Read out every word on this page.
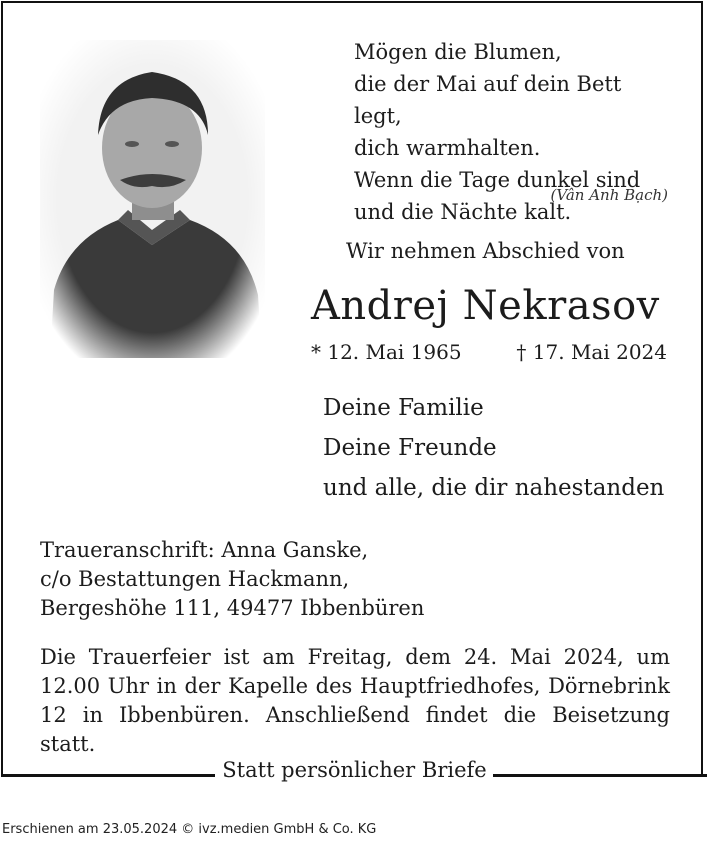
Statt persönlicher Briefe
Mögen die Blumen,
die der Mai auf dein Bett legt,
dich warmhalten.
Wenn die Tage dunkel sind
und die Nächte kalt.
(Vân Anh Bạch)
Wir nehmen Abschied von
Andrej Nekrasov
* 12. Mai 1965	† 17. Mai 2024
Deine Familie
Deine Freunde
und alle, die dir nahestanden
Traueranschrift: Anna Ganske,
c/o Bestattungen Hackmann,
Bergeshöhe 111, 49477 Ibbenbüren
Die Trauerfeier ist am Freitag, dem 24. Mai 2024, um 12.00 Uhr in der Kapelle des Hauptfriedhofes, Dörnebrink 12 in Ibbenbüren. Anschließend findet die Beisetzung statt.
Erschienen am 23.05.2024 © ivz.medien GmbH & Co. KG
